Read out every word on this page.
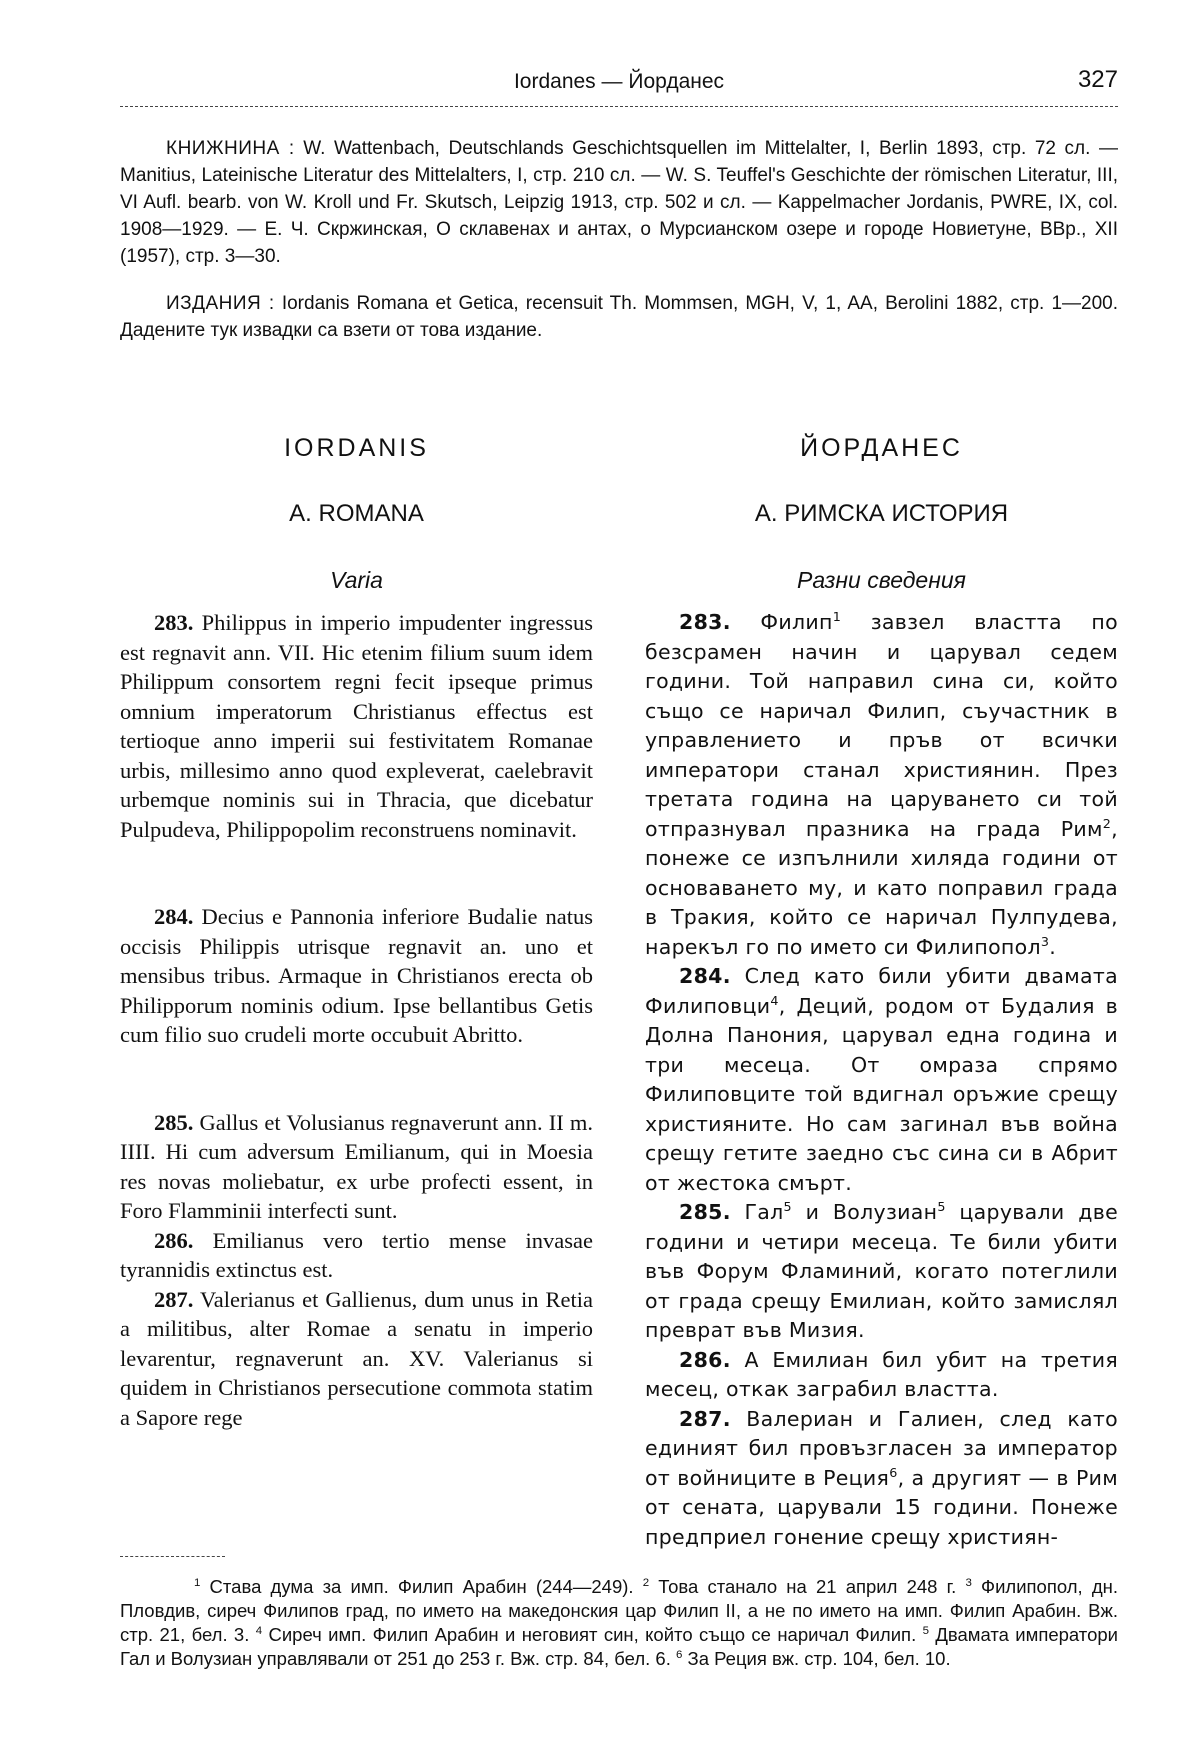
Iordanes — Йорданес	327
КНИЖНИНА : W. Wattenbach, Deutschlands Geschichtsquellen im Mittelalter, I, Berlin 1893, стр. 72 сл. — Manitius, Lateinische Literatur des Mittelalters, I, стр. 210 сл. — W. S. Teuffel's Geschichte der römischen Literatur, III, VI Aufl. bearb. von W. Kroll und Fr. Skutsch, Leipzig 1913, стр. 502 и сл. — Kappelmacher Jordanis, PWRE, IX, col. 1908—1929. — Е. Ч. Скржинская, О склавенах и антах, о Мурсианском озере и городе Новиетуне, ВВр., XII (1957), стр. 3—30.
ИЗДАНИЯ : Iordanis Romana et Getica, recensuit Th. Mommsen, MGH, V, 1, AA, Berolini 1882, стр. 1—200. Дадените тук извадки са взети от това издание.
IORDANIS
A. ROMANA
Varia

283. Philippus in imperio impudenter ingressus est regnavit ann. VII. Hic etenim filium suum idem Philippum consortem regni fecit ipseque primus omnium imperatorum Christianus effectus est tertioque anno imperii sui festivitatem Romanae urbis, millesimo anno quod expleverat, caelebravit urbemque nominis sui in Thracia, que dicebatur Pulpudeva, Philippopolim reconstruens nominavit.

284. Decius e Pannonia inferiore Budalie natus occisis Philippis utrisque regnavit an. uno et mensibus tribus. Armaque in Christianos erecta ob Philipporum nominis odium. Ipse bellantibus Getis cum filio suo crudeli morte occubuit Abritto.

285. Gallus et Volusianus regnaverunt ann. II m. IIII. Hi cum adversum Emilianum, qui in Moesia res novas moliebatur, ex urbe profecti essent, in Foro Flamminii interfecti sunt.

286. Emilianus vero tertio mense invasae tyrannidis extinctus est.

287. Valerianus et Gallienus, dum unus in Retia a militibus, alter Romae a senatu in imperio levarentur, regnaverunt an. XV. Valerianus si quidem in Christianos persecutione commota statim a Sapore rege

ЙОРДАНЕС
А. РИМСКА ИСТОРИЯ
Разни сведения

283. Филип$^1$ завзел властта по безсрамен начин и царувал седем години. Той направил сина си, който също се наричал Филип, съучастник в управлението и пръв от всички императори станал християнин. През третата година на царуването си той отпразнувал празника на града Рим$^2$, понеже се изпълнили хиляда години от основаването му, и като поправил града в Тракия, който се наричал Пулпудева, нарекъл го по името си Филипопол$^3$.

284. След като били убити двамата Филиповци$^4$, Деций, родом от Будалия в Долна Панония, царувал една година и три месеца. От омраза спрямо Филиповците той вдигнал оръжие срещу християните. Но сам загинал във война срещу гетите заедно със сина си в Абрит от жестока смърт.

285. Гал$^5$ и Волузиан$^5$ царували две години и четири месеца. Те били убити във Форум Фламиний, когато потеглили от града срещу Емилиан, който замислял преврат във Мизия.

286. А Емилиан бил убит на третия месец, откак заграбил властта.

287. Валериан и Галиен, след като единият бил провъзгласен за император от войниците в Реция$^6$, а другият — в Рим от сената, царували 15 години. Понеже предприел гонение срещу християн-

$^1$ Става дума за имп. Филип Арабин (244—249). $^2$ Това станало на 21 април 248 г. $^3$ Филипопол, дн. Пловдив, сиреч Филипов град, по името на македонския цар Филип II, а не по името на имп. Филип Арабин. Вж. стр. 21, бел. 3. $^4$ Сиреч имп. Филип Арабин и неговият син, който също се наричал Филип. $^5$ Двамата императори Гал и Волузиан управлявали от 251 до 253 г. Вж. стр. 84, бел. 6. $^6$ За Реция вж. стр. 104, бел. 10.
